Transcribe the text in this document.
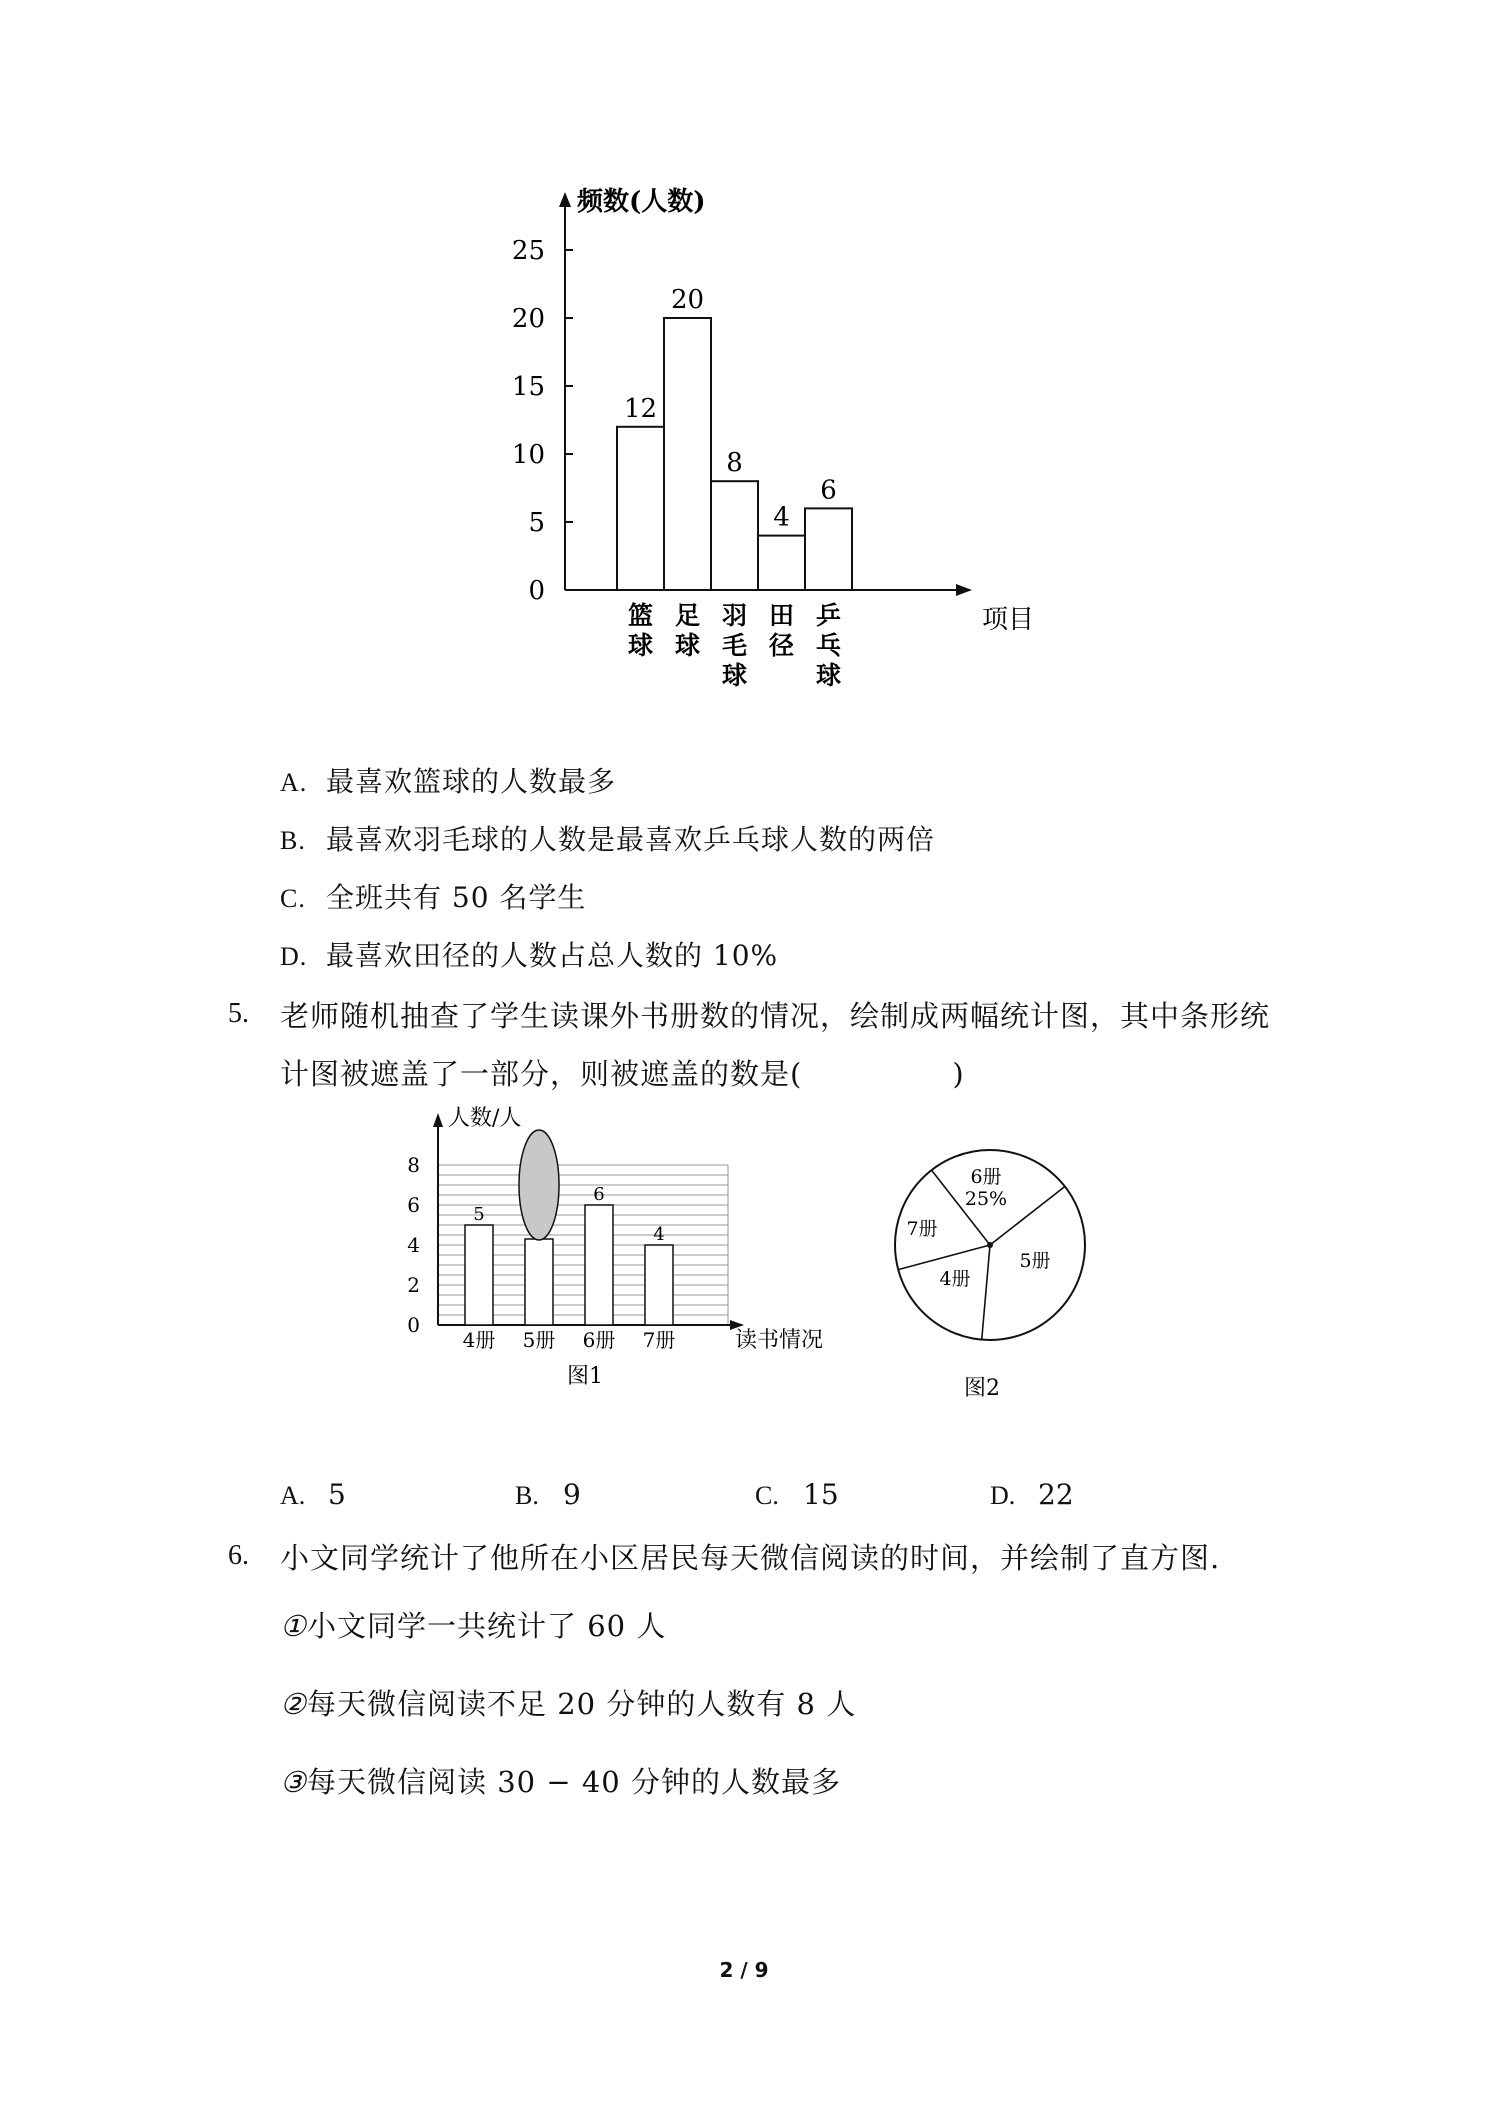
频数(人数)
项目
0
5
10
15
20
25
12
篮
球
20
足
球
8
羽
毛
球
4
田
径
6
乒
乓
球
A. 最喜欢篮球的人数最多
B. 最喜欢羽毛球的人数是最喜欢乒乓球人数的两倍
C. 全班共有 50 名学生
D. 最喜欢田径的人数占总人数的 10%
5. 老师随机抽查了学生读课外书册数的情况，绘制成两幅统计图，其中条形统
计图被遮盖了一部分，则被遮盖的数是(　　　　　)
人数/人
读书情况
0
2
4
6
8
5
4册 5册
6
6册
4
7册
图1
6册
25%
5册
4册
7册
图2
A. 5	B. 9	C. 15	D. 22
6. 小文同学统计了他所在小区居民每天微信阅读的时间，并绘制了直方图.
①小文同学一共统计了 60 人
②每天微信阅读不足 20 分钟的人数有 8 人
③每天微信阅读 30 − 40 分钟的人数最多
2 / 9
